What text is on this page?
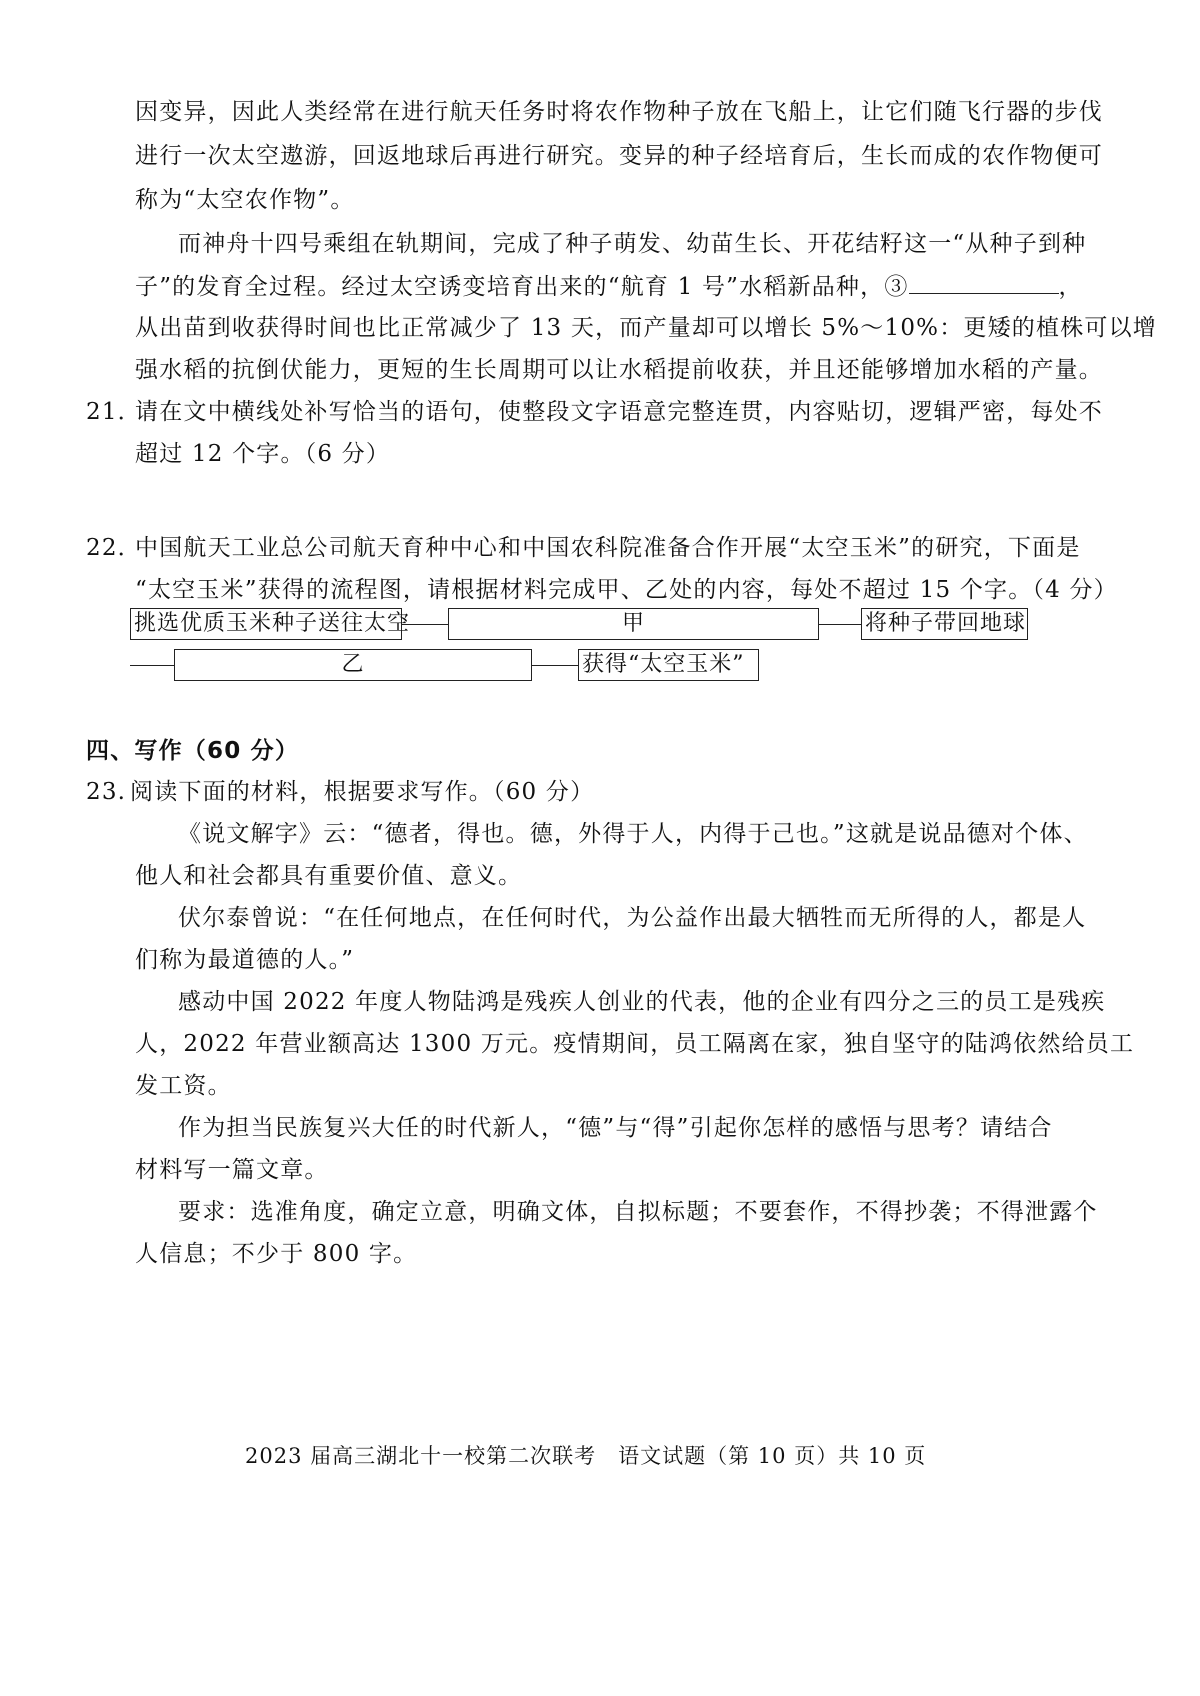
因变异，因此人类经常在进行航天任务时将农作物种子放在飞船上，让它们随飞行器的步伐
进行一次太空遨游，回返地球后再进行研究。变异的种子经培育后，生长而成的农作物便可
称为“太空农作物”。
而神舟十四号乘组在轨期间，完成了种子萌发、幼苗生长、开花结籽这一“从种子到种
子”的发育全过程。经过太空诱变培育出来的“航育 1 号”水稻新品种，③	，
从出苗到收获得时间也比正常减少了 13 天，而产量却可以增长 5%～10%：更矮的植株可以增
强水稻的抗倒伏能力，更短的生长周期可以让水稻提前收获，并且还能够增加水稻的产量。
21．
请在文中横线处补写恰当的语句，使整段文字语意完整连贯，内容贴切，逻辑严密，每处不
超过 12 个字。（6 分）
22．
中国航天工业总公司航天育种中心和中国农科院准备合作开展“太空玉米”的研究，下面是
“太空玉米”获得的流程图，请根据材料完成甲、乙处的内容，每处不超过 15 个字。（4 分）
挑选优质玉米种子送往太空	甲	将种子带回地球
乙	获得“太空玉米”
四、写作（60 分）
23. 阅读下面的材料，根据要求写作。（60 分）
《说文解字》云：“德者，得也。德，外得于人，内得于己也。”这就是说品德对个体、
他人和社会都具有重要价值、意义。
伏尔泰曾说：“在任何地点，在任何时代，为公益作出最大牺牲而无所得的人，都是人
们称为最道德的人。”
感动中国 2022 年度人物陆鸿是残疾人创业的代表，他的企业有四分之三的员工是残疾
人，2022 年营业额高达 1300 万元。疫情期间，员工隔离在家，独自坚守的陆鸿依然给员工
发工资。
作为担当民族复兴大任的时代新人，“德”与“得”引起你怎样的感悟与思考？请结合
材料写一篇文章。
要求：选准角度，确定立意，明确文体，自拟标题；不要套作，不得抄袭；不得泄露个
人信息；不少于 800 字。
2023 届高三湖北十一校第二次联考　语文试题（第 10 页）共 10 页
